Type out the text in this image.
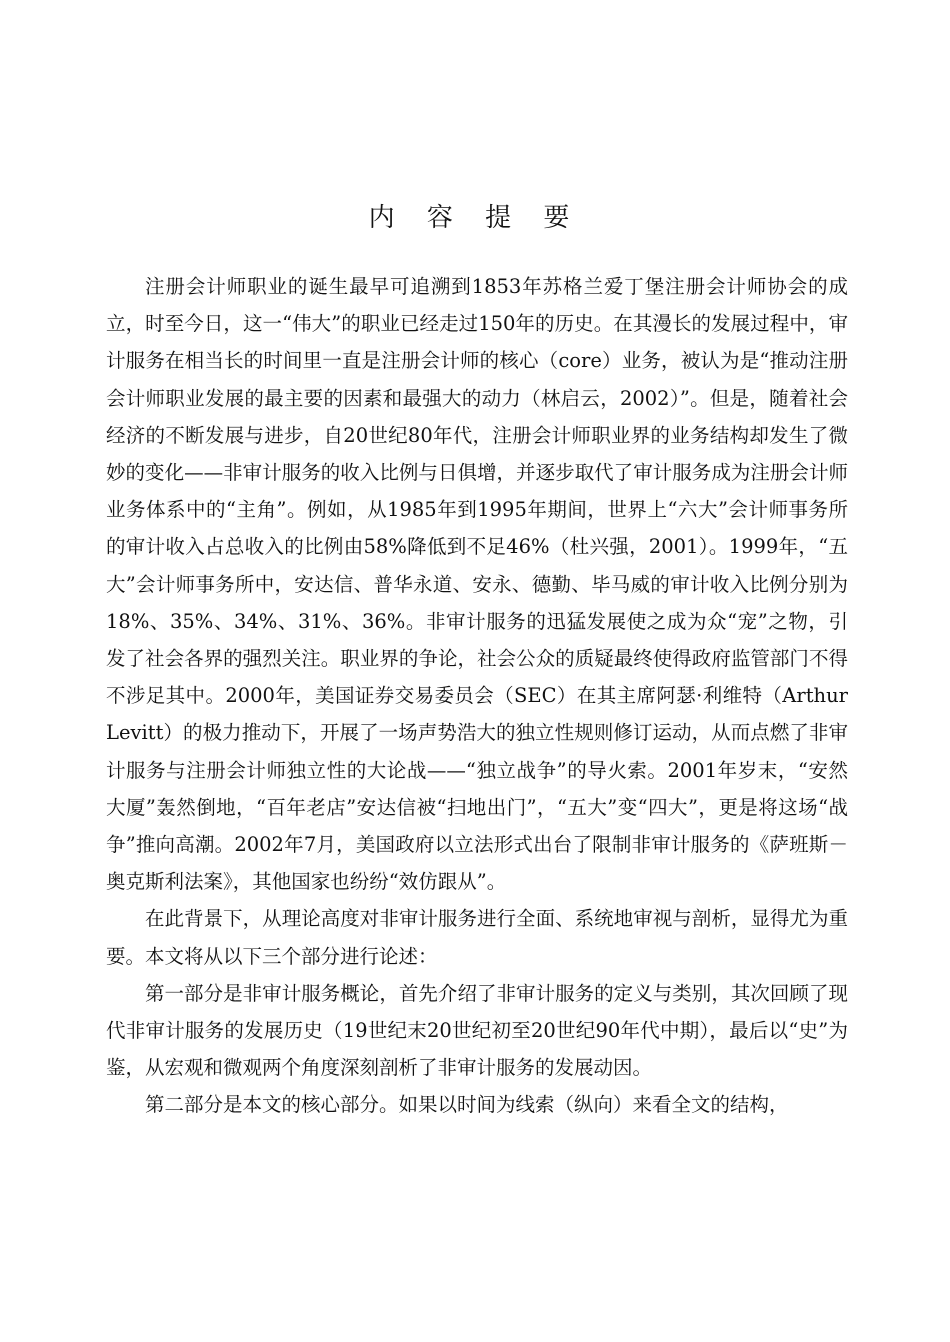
内 容 提 要

注册会计师职业的诞生最早可追溯到1853年苏格兰爱丁堡注册会计师协会的成立，时至今日，这一“伟大”的职业已经走过150年的历史。在其漫长的发展过程中，审计服务在相当长的时间里一直是注册会计师的核心（core）业务，被认为是“推动注册会计师职业发展的最主要的因素和最强大的动力（林启云，2002）”。但是，随着社会经济的不断发展与进步，自20世纪80年代，注册会计师职业界的业务结构却发生了微妙的变化——非审计服务的收入比例与日俱增，并逐步取代了审计服务成为注册会计师业务体系中的“主角”。例如，从1985年到1995年期间，世界上“六大”会计师事务所的审计收入占总收入的比例由58%降低到不足46%（杜兴强，2001）。1999年，“五大”会计师事务所中，安达信、普华永道、安永、德勤、毕马威的审计收入比例分别为18%、35%、34%、31%、36%。非审计服务的迅猛发展使之成为众“宠”之物，引发了社会各界的强烈关注。职业界的争论，社会公众的质疑最终使得政府监管部门不得不涉足其中。2000年，美国证券交易委员会（SEC）在其主席阿瑟·利维特（Arthur Levitt）的极力推动下，开展了一场声势浩大的独立性规则修订运动，从而点燃了非审计服务与注册会计师独立性的大论战——“独立战争”的导火索。2001年岁末，“安然大厦”轰然倒地，“百年老店”安达信被“扫地出门”，“五大”变“四大”，更是将这场“战争”推向高潮。2002年7月，美国政府以立法形式出台了限制非审计服务的《萨班斯－奥克斯利法案》，其他国家也纷纷“效仿跟从”。

在此背景下，从理论高度对非审计服务进行全面、系统地审视与剖析，显得尤为重要。本文将从以下三个部分进行论述：

第一部分是非审计服务概论，首先介绍了非审计服务的定义与类别，其次回顾了现代非审计服务的发展历史（19世纪末20世纪初至20世纪90年代中期），最后以“史”为鉴，从宏观和微观两个角度深刻剖析了非审计服务的发展动因。

第二部分是本文的核心部分。如果以时间为线索（纵向）来看全文的结构，
